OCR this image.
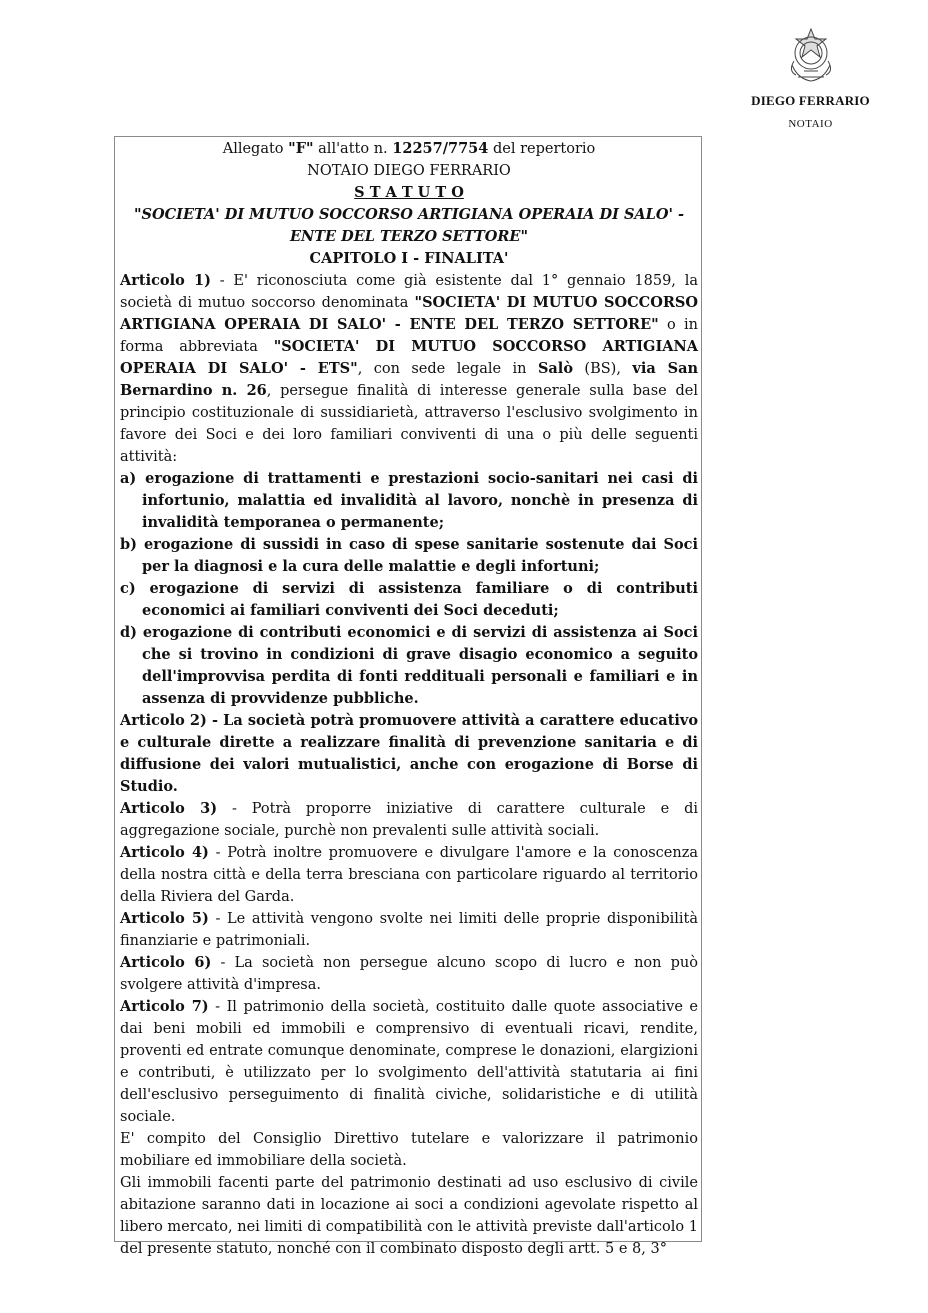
DIEGO FERRARIO
NOTAIO

Allegato "F" all'atto n. 12257/7754 del repertorio

NOTAIO DIEGO FERRARIO

S T A T U T O

"SOCIETA' DI MUTUO SOCCORSO ARTIGIANA OPERAIA DI SALO' -

ENTE DEL TERZO SETTORE"

CAPITOLO I - FINALITA'

Articolo 1) - E' riconosciuta come già esistente dal 1° gennaio 1859, la società di mutuo soccorso denominata "SOCIETA' DI MUTUO SOCCORSO ARTIGIANA OPERAIA DI SALO' - ENTE DEL TERZO SETTORE" o in forma abbreviata "SOCIETA' DI MUTUO SOCCORSO ARTIGIANA OPERAIA DI SALO' - ETS", con sede legale in Salò (BS), via San Bernardino n. 26, persegue finalità di interesse generale sulla base del principio costituzionale di sussidiarietà, attraverso l'esclusivo svolgimento in favore dei Soci e dei loro familiari conviventi di una o più delle seguenti attività:

a) erogazione di trattamenti e prestazioni socio-sanitari nei casi di infortunio, malattia ed invalidità al lavoro, nonchè in presenza di invalidità temporanea o permanente;

b) erogazione di sussidi in caso di spese sanitarie sostenute dai Soci per la diagnosi e la cura delle malattie e degli infortuni;

c) erogazione di servizi di assistenza familiare o di contributi economici ai familiari conviventi dei Soci deceduti;

d) erogazione di contributi economici e di servizi di assistenza ai Soci che si trovino in condizioni di grave disagio economico a seguito dell'improvvisa perdita di fonti reddituali personali e familiari e in assenza di provvidenze pubbliche.

Articolo 2) - La società potrà promuovere attività a carattere educativo e culturale dirette a realizzare finalità di prevenzione sanitaria e di diffusione dei valori mutualistici, anche con erogazione di Borse di Studio.

Articolo 3) - Potrà proporre iniziative di carattere culturale e di aggregazione sociale, purchè non prevalenti sulle attività sociali.

Articolo 4) - Potrà inoltre promuovere e divulgare l'amore e la conoscenza della nostra città e della terra bresciana con particolare riguardo al territorio della Riviera del Garda.

Articolo 5) - Le attività vengono svolte nei limiti delle proprie disponibilità finanziarie e patrimoniali.

Articolo 6) - La società non persegue alcuno scopo di lucro e non può svolgere attività d'impresa.

Articolo 7) - Il patrimonio della società, costituito dalle quote associative e dai beni mobili ed immobili e comprensivo di eventuali ricavi, rendite, proventi ed entrate comunque denominate, comprese le donazioni, elargizioni e contributi, è utilizzato per lo svolgimento dell'attività statutaria ai fini dell'esclusivo perseguimento di finalità civiche, solidaristiche e di utilità sociale.

E' compito del Consiglio Direttivo tutelare e valorizzare il patrimonio mobiliare ed immobiliare della società.

Gli immobili facenti parte del patrimonio destinati ad uso esclusivo di civile abitazione saranno dati in locazione ai soci a condizioni agevolate rispetto al libero mercato, nei limiti di compatibilità con le attività previste dall'articolo 1 del presente statuto, nonché con il combinato disposto degli artt. 5 e 8, 3°
